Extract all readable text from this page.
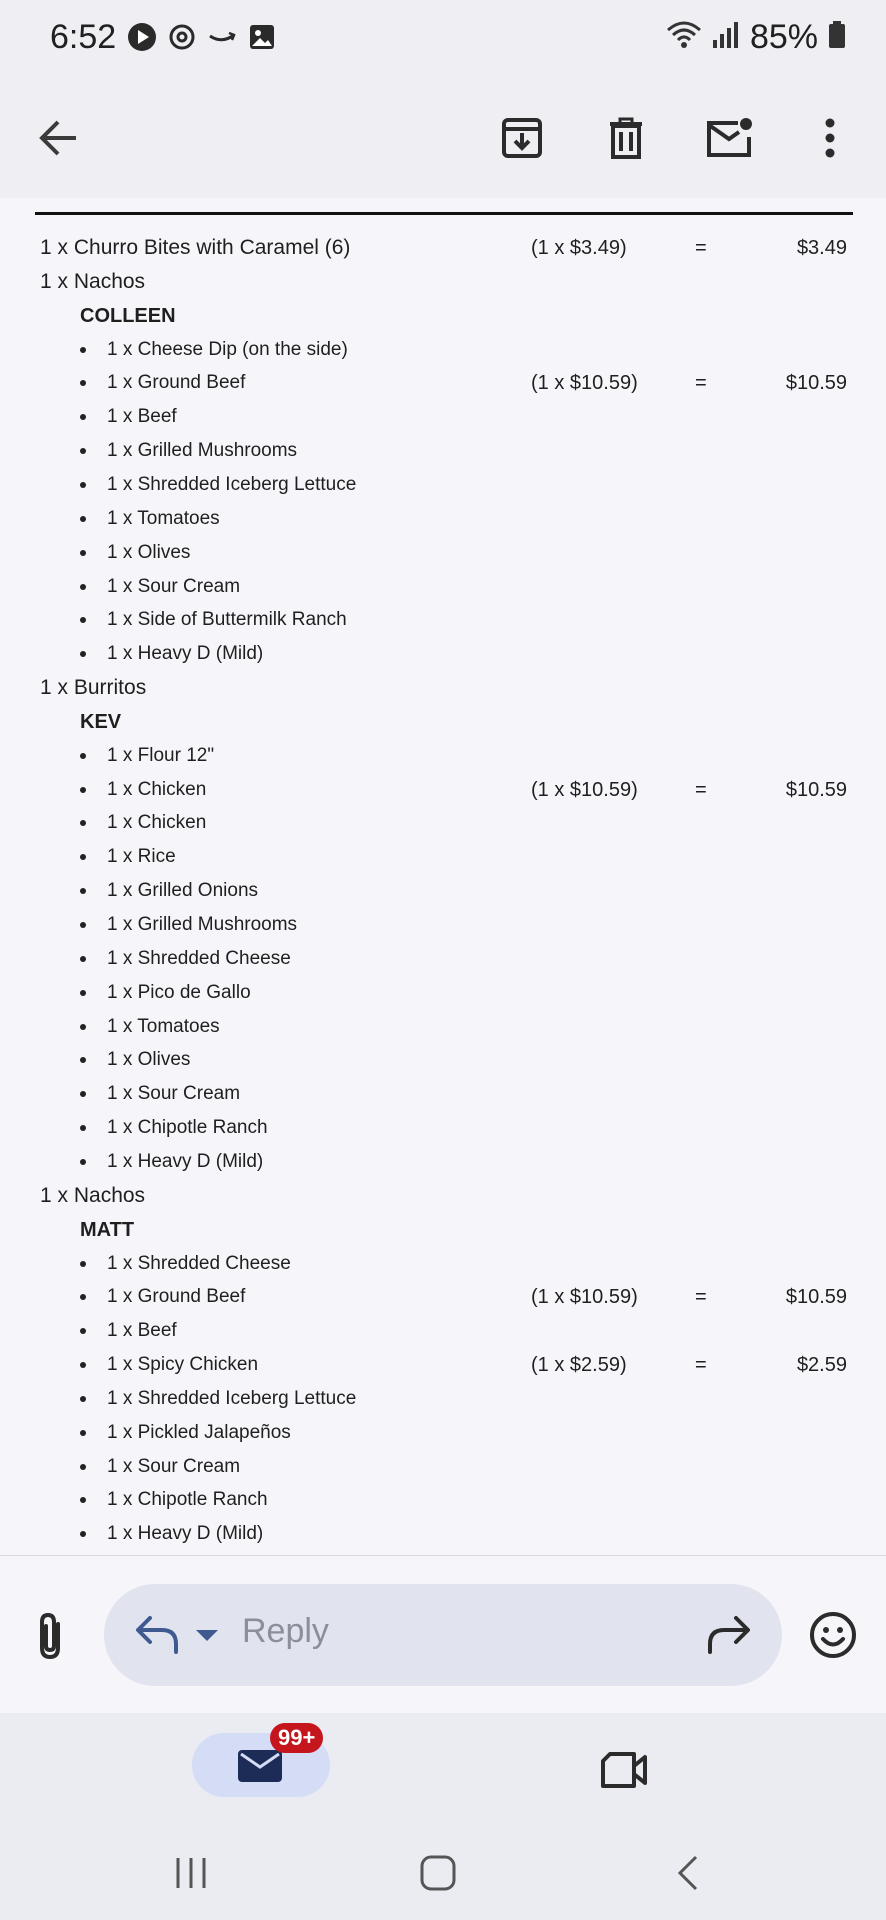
6:52	85%
1 x Churro Bites with Caramel (6)	(1 x $3.49)	=	$3.49
1 x Nachos
COLLEEN
1 x Cheese Dip (on the side)
1 x Ground Beef	(1 x $10.59)	=	$10.59
1 x Beef
1 x Grilled Mushrooms
1 x Shredded Iceberg Lettuce
1 x Tomatoes
1 x Olives
1 x Sour Cream
1 x Side of Buttermilk Ranch
1 x Heavy D (Mild)
1 x Burritos
KEV
1 x Flour 12"
1 x Chicken	(1 x $10.59)	=	$10.59
1 x Chicken
1 x Rice
1 x Grilled Onions
1 x Grilled Mushrooms
1 x Shredded Cheese
1 x Pico de Gallo
1 x Tomatoes
1 x Olives
1 x Sour Cream
1 x Chipotle Ranch
1 x Heavy D (Mild)
1 x Nachos
MATT
1 x Shredded Cheese
1 x Ground Beef	(1 x $10.59)	=	$10.59
1 x Beef
1 x Spicy Chicken	(1 x $2.59)	=	$2.59
1 x Shredded Iceberg Lettuce
1 x Pickled Jalapeños
1 x Sour Cream
1 x Chipotle Ranch
1 x Heavy D (Mild)
Reply
99+
